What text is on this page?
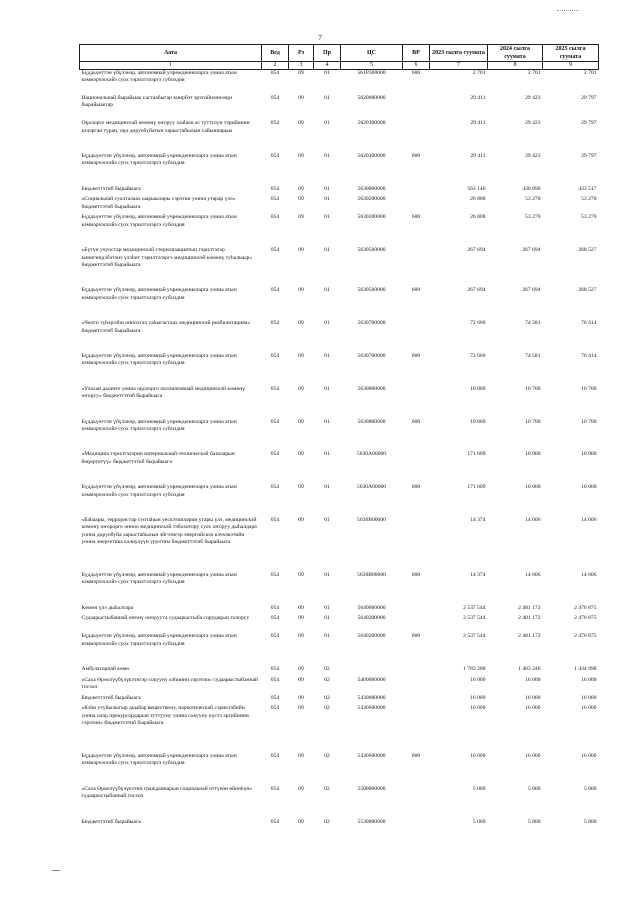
7
Аата	Вед	Рз	Пр	ЦС	ВР	2023 сылга суумата	2024 сылга суумата	2025 сылга суумата
1	2	3	4	5	6	7	8	9
Бүддьүөттэн үбүлэнэр, автономнай учреждениеларга уонна атын кэммэрчэскэйэ суох тэрилтэлэргэ субсидия	054	09	01	561Р300000	600	2 701	2 701	2 701
Национальнай бырайыак састаабыгар киирбэт эрэгийиэннээҕи бырайыактар	054	09	01	5620000000		29 411	29 423	29 797
Оҕолорго медицинскэй көмөнү оҥоруу хааһын ас туттулун тэрийиини кэлэрган туран, оҕо доруобуйатын харыстабылын сайыннарыы	054	09	01	5620100000		29 411	29 423	29 797
Бүддьүөттэн үбүлэнэр, автономнай учреждениеларга уонна атын кэммэрчэскэйэ суох тэрилтэлэргэ субсидия	054	09	01	5620100000	600	29 411	29 423	29 797
Бюджеттэтиб бырайыага	054	09	01	5630000000		563 146	430 890	433 517
«Социальнай суолталаах ыарыылары сэрэтии уонна утарар үлэ» бюджеттэтиб бырайыага	054	09	01	5630200000		26 808	53 270	53 270
Бүддьүөттэн үбүлэнэр, автономнай учреждениеларга уонна атын кэммэрчэскэйэ суох тэрилтэлэргэ субсидия	054	09	01	5630200000	600	26 808	53 270	53 270
«Бүтүн учуостар медицинскэй стерилизациятын тэрилтэлэр кинигиндэбэтэнэ үлэһит тэрилтэлэргэ медицинскэй көмөнү туһалыыр» бюджеттэтиб бырайыага	054	09	01	5630500000		267 694	267 694	268 527
Бүддьүөттэн үбүлэнэр, автономнай учреждениеларга уонна атын кэммэрчэскэйэ суох тэрилтэлэргэ субсидия	054	09	01	5630500000	600	267 694	267 694	268 527
«Чөлгө түһэрээһи оннохтах таһыгастаах медицинскэй реабилитацияа» бюджеттэтиб бырайыага	054	09	01	5630700000		72 660	74 581	76 414
Бүддьүөттэн үбүлэнэр, автономнай учреждениеларга уонна атын кэммэрчэскэйэ суох тэрилтэлэргэ субсидия	054	09	01	5630700000	600	72 660	74 581	76 414
«Улахан дьоҥҥо уонна оҕолорго паллиативнай медицинскэй көмөнү оҥоруу» бюджеттэтиб бырайыага	054	09	01	5630800000		10 000	10 700	10 700
Бүддьүөттэн үбүлэнэр, автономнай учреждениеларга уонна атын кэммэрчэскэйэ суох тэрилтэлэргэ субсидия	054	09	01	5630800000	600	10 000	10 700	10 700
«Медицина тэрилтэлэрин материальнай-техническэй базаларын бөҕөргөтүү» бюджеттэтиб бырайыага	054	09	01	5630А00000		171 609	10 000	10 000
Бүддьүөттэн үбүлэнэр, автономнай учреждениеларга уонна атын кэммэрчэскэйэ суох тэрилтэлэргэ субсидия	054	09	01	5630А00000	600	171 609	10 000	10 000
«Баһаары, террористар суптаһын уескэтиилэрин утары үлэ, медицинскэй көмөнү оҥорорго онноо медицинскэй тэбохотору суох оҥоруу дыһалдара уонна доруобуйа харыстабылын эйгэтигэр энергийскэч кэччэкэтийн уонна энергетика кэлиулүүн уруотим бюджеттэтиб бырайыага	054	09	01	5630В00000		14 374	14 606	14 606
Бүддьүөттэн үбүлэнэр, автономнай учреждениеларга уонна атын кэммэрчэскэйэ суох тэрилтэлэргэ субсидия	054	09	01	5630В00000	600	14 374	14 606	14 606
Көмөп үлэ дыһалтара	054	09	01	5640000000		2 537 544	2 481 172	2 476 875
Судаарыстыбаннай өҥөнү оҥоруута судаарыстыба сорудаҕын толоруу	054	09	01	5640200000		2 537 544	2 481 172	2 476 875
Бүддьүөттэн үбүлэнэр, автономнай учреждениеларга уонна атын кэммэрчэскэйэ суох тэрилтэлэргэ субсидия	054	09	01	5640200000	600	2 537 544	2 481 172	2 476 875
Амбулаторнай көмө	054	09	02			1 783 208	1 483 246	1 434 998
«Саха Өрөспүүбүлүкэтигэр сокууну кэһиини сэрэтии» судаарыстыбаннай тосхол	054	09	02	5400000000		16 000	16 000	16 000
Бюджеттэтиб бырайыага	054	09	02	5430000000		16 000	16 000	16 000
«Кэһи утуйылыгыр дьыйар веществону, наркотическай сэриктэбийн уонна олор прекурсордарын туттууну уонна сокууну күстэ эргийиини сэрэтии» бюджеттэтиб бырайыага	054	09	02	5430600000		16 000	16 000	16 000
Бүддьүөттэн үбүлэнэр, автономнай учреждениеларга уонна атын кэммэрчэскэйэ суох тэрилтэлэргэ субсидия	054	09	02	5430600000	600	16 000	16 000	16 000
«Саха Өрөспүүбүлүкэтин гражданнарын социальнай өттүнэн өйөөһүн» судаарыстыбаннай тосхол	054	09	02	5500000000		5 000	5 000	5 000
Бюджеттэтиб бырайыага	054	09	02	5530000000		5 000	5 000	5 000
